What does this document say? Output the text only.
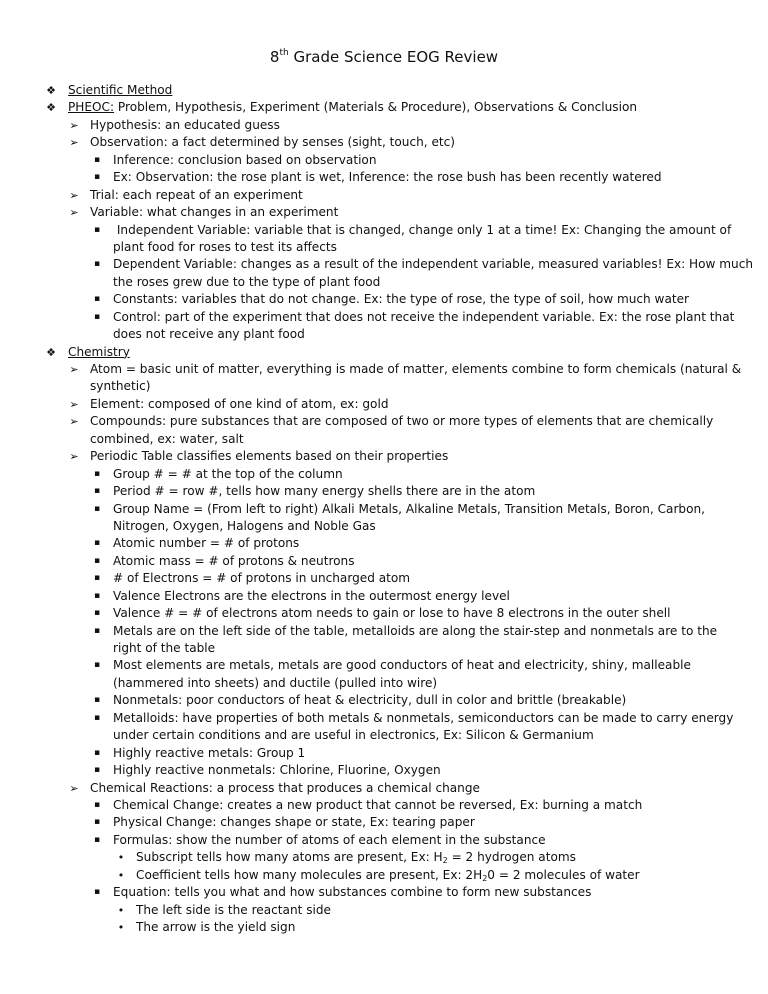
8th Grade Science EOG Review
❖ Scientific Method
❖ PHEOC: Problem, Hypothesis, Experiment (Materials & Procedure), Observations & Conclusion
➢ Hypothesis: an educated guess
➢ Observation: a fact determined by senses (sight, touch, etc)
▪	Inference: conclusion based on observation
▪	Ex: Observation: the rose plant is wet, Inference: the rose bush has been recently watered
➢ Trial: each repeat of an experiment
➢ Variable: what changes in an experiment
▪	Independent Variable: variable that is changed, change only 1 at a time! Ex: Changing the amount of
plant food for roses to test its affects
▪	Dependent Variable: changes as a result of the independent variable, measured variables! Ex: How much
the roses grew due to the type of plant food
▪	Constants: variables that do not change. Ex: the type of rose, the type of soil, how much water
▪	Control: part of the experiment that does not receive the independent variable. Ex: the rose plant that
does not receive any plant food
❖ Chemistry
➢ Atom = basic unit of matter, everything is made of matter, elements combine to form chemicals (natural &
synthetic)
➢ Element: composed of one kind of atom, ex: gold
➢ Compounds: pure substances that are composed of two or more types of elements that are chemically
combined, ex: water, salt
➢ Periodic Table classifies elements based on their properties
▪	Group # = # at the top of the column
▪	Period # = row #, tells how many energy shells there are in the atom
▪	Group Name = (From left to right) Alkali Metals, Alkaline Metals, Transition Metals, Boron, Carbon,
Nitrogen, Oxygen, Halogens and Noble Gas
▪	Atomic number = # of protons
▪	Atomic mass = # of protons & neutrons
▪	# of Electrons = # of protons in uncharged atom
▪	Valence Electrons are the electrons in the outermost energy level
▪	Valence # = # of electrons atom needs to gain or lose to have 8 electrons in the outer shell
▪	Metals are on the left side of the table, metalloids are along the stair-step and nonmetals are to the
right of the table
▪	Most elements are metals, metals are good conductors of heat and electricity, shiny, malleable
(hammered into sheets) and ductile (pulled into wire)
▪	Nonmetals: poor conductors of heat & electricity, dull in color and brittle (breakable)
▪	Metalloids: have properties of both metals & nonmetals, semiconductors can be made to carry energy
under certain conditions and are useful in electronics, Ex: Silicon & Germanium
▪	Highly reactive metals: Group 1
▪	Highly reactive nonmetals: Chlorine, Fluorine, Oxygen
➢ Chemical Reactions: a process that produces a chemical change
▪	Chemical Change: creates a new product that cannot be reversed, Ex: burning a match
▪	Physical Change: changes shape or state, Ex: tearing paper
▪	Formulas: show the number of atoms of each element in the substance
• Subscript tells how many atoms are present, Ex: $H_2 = 2$ hydrogen atoms
• Coefficient tells how many molecules are present, Ex: $2H_20 = 2$ molecules of water
▪	Equation: tells you what and how substances combine to form new substances
• The left side is the reactant side
• The arrow is the yield sign
